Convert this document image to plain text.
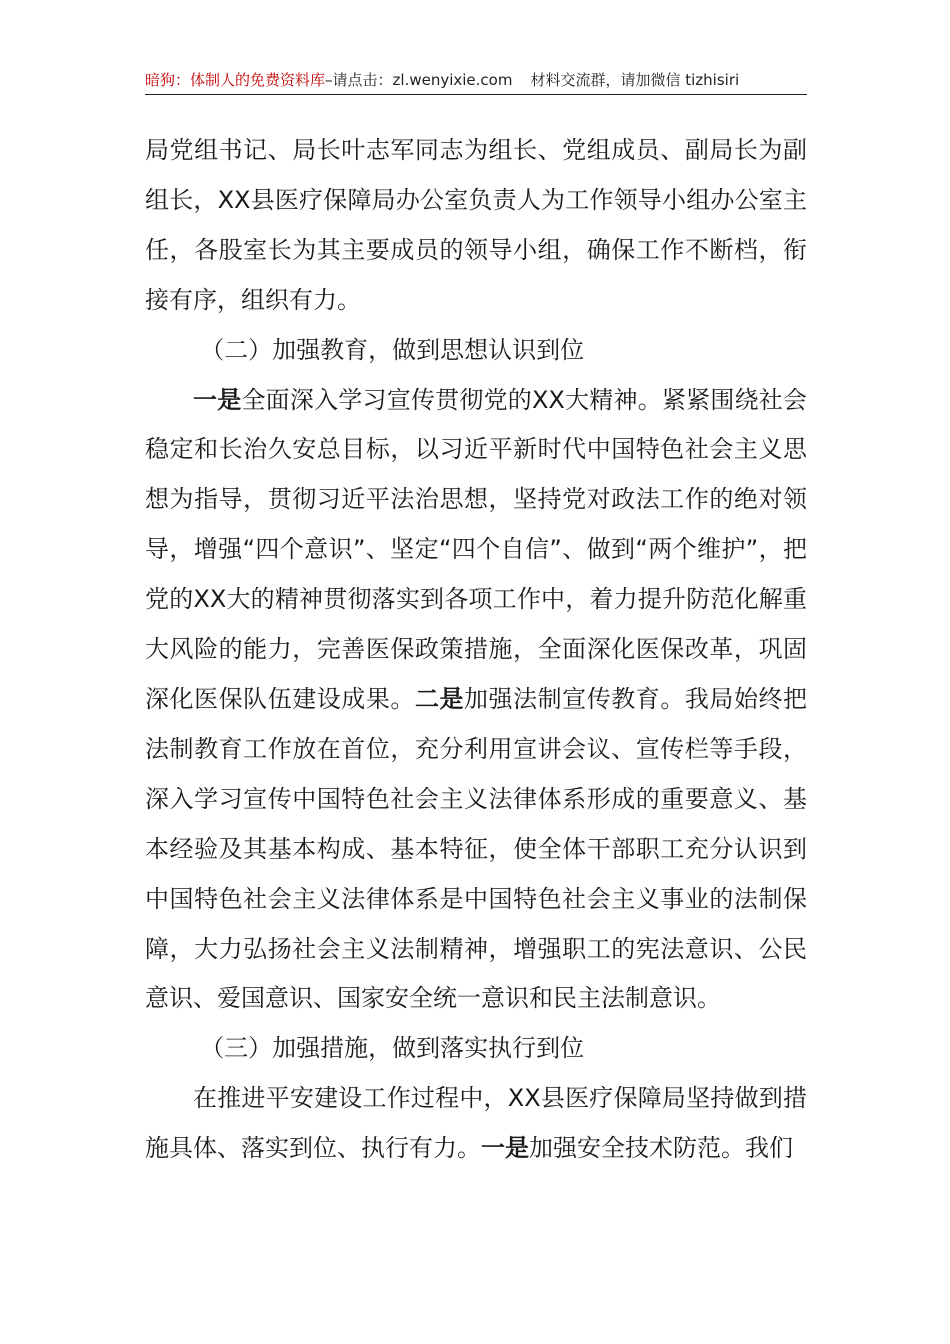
暗狗：体制人的免费资料库–请点击：zl.wenyixie.com 材料交流群，请加微信 tizhisiri

局党组书记、局长叶志军同志为组长、党组成员、副局长为副组长，XX县医疗保障局办公室负责人为工作领导小组办公室主任，各股室长为其主要成员的领导小组，确保工作不断档，衔接有序，组织有力。

（二）加强教育，做到思想认识到位

一是全面深入学习宣传贯彻党的XX大精神。紧紧围绕社会稳定和长治久安总目标，以习近平新时代中国特色社会主义思想为指导，贯彻习近平法治思想，坚持党对政法工作的绝对领导，增强“四个意识”、坚定“四个自信”、做到“两个维护”，把党的XX大的精神贯彻落实到各项工作中，着力提升防范化解重大风险的能力，完善医保政策措施，全面深化医保改革，巩固深化医保队伍建设成果。二是加强法制宣传教育。我局始终把法制教育工作放在首位，充分利用宣讲会议、宣传栏等手段，深入学习宣传中国特色社会主义法律体系形成的重要意义、基本经验及其基本构成、基本特征，使全体干部职工充分认识到中国特色社会主义法律体系是中国特色社会主义事业的法制保障，大力弘扬社会主义法制精神，增强职工的宪法意识、公民意识、爱国意识、国家安全统一意识和民主法制意识。

（三）加强措施，做到落实执行到位

在推进平安建设工作过程中，XX县医疗保障局坚持做到措施具体、落实到位、执行有力。一是加强安全技术防范。我们
